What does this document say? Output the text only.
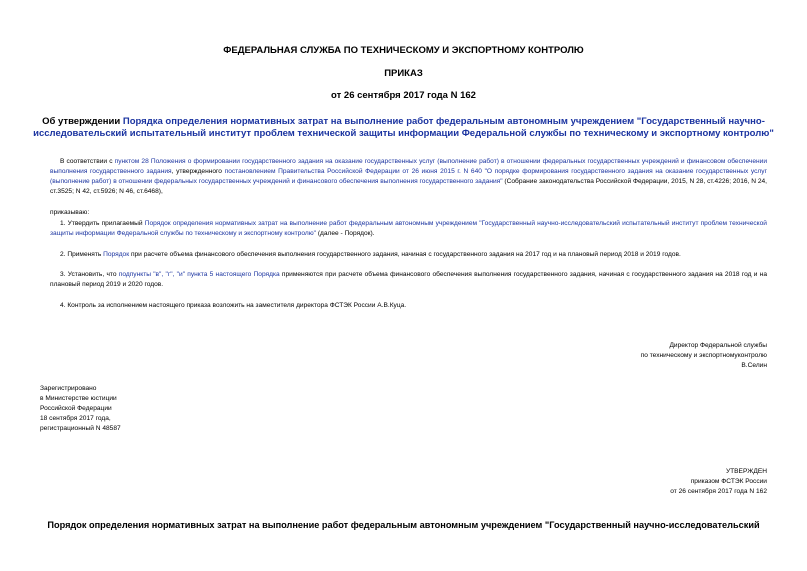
ФЕДЕРАЛЬНАЯ СЛУЖБА ПО ТЕХНИЧЕСКОМУ И ЭКСПОРТНОМУ КОНТРОЛЮ
ПРИКАЗ
от 26 сентября 2017 года N 162
Об утверждении Порядка определения нормативных затрат на выполнение работ федеральным автономным учреждением "Государственный научно-исследовательский испытательный институт проблем технической защиты информации Федеральной службы по техническому и экспортному контролю"
В соответствии с пунктом 28 Положения о формировании государственного задания на оказание государственных услуг (выполнение работ) в отношении федеральных государственных учреждений и финансовом обеспечении выполнения государственного задания, утвержденного постановлением Правительства Российской Федерации от 26 июня 2015 г. N 640 "О порядке формирования государственного задания на оказание государственных услуг (выполнение работ) в отношении федеральных государственных учреждений и финансового обеспечения выполнения государственного задания" (Собрание законодательства Российской Федерации, 2015, N 28, ст.4226; 2016, N 24, ст.3525; N 42, ст.5926; N 46, ст.6468),
приказываю:
1. Утвердить прилагаемый Порядок определения нормативных затрат на выполнение работ федеральным автономным учреждением "Государственный научно-исследовательский испытательный институт проблем технической защиты информации Федеральной службы по техническому и экспортному контролю" (далее - Порядок).
2. Применять Порядок при расчете объема финансового обеспечения выполнения государственного задания, начиная с государственного задания на 2017 год и на плановый период 2018 и 2019 годов.
3. Установить, что подпункты "в", "г", "и" пункта 5 настоящего Порядка применяются при расчете объема финансового обеспечения выполнения государственного задания, начиная с государственного задания на 2018 год и на плановый период 2019 и 2020 годов.
4. Контроль за исполнением настоящего приказа возложить на заместителя директора ФСТЭК России А.В.Куца.
Директор Федеральной службы
по техническому и экспортномуконтролю
В.Селин
Зарегистрировано
в Министерстве юстиции
Российской Федерации
18 сентября 2017 года,
регистрационный N 48587
УТВЕРЖДЕН
приказом ФСТЭК России
от 26 сентября 2017 года N 162
Порядок определения нормативных затрат на выполнение работ федеральным автономным учреждением "Государственный научно-исследовательский
